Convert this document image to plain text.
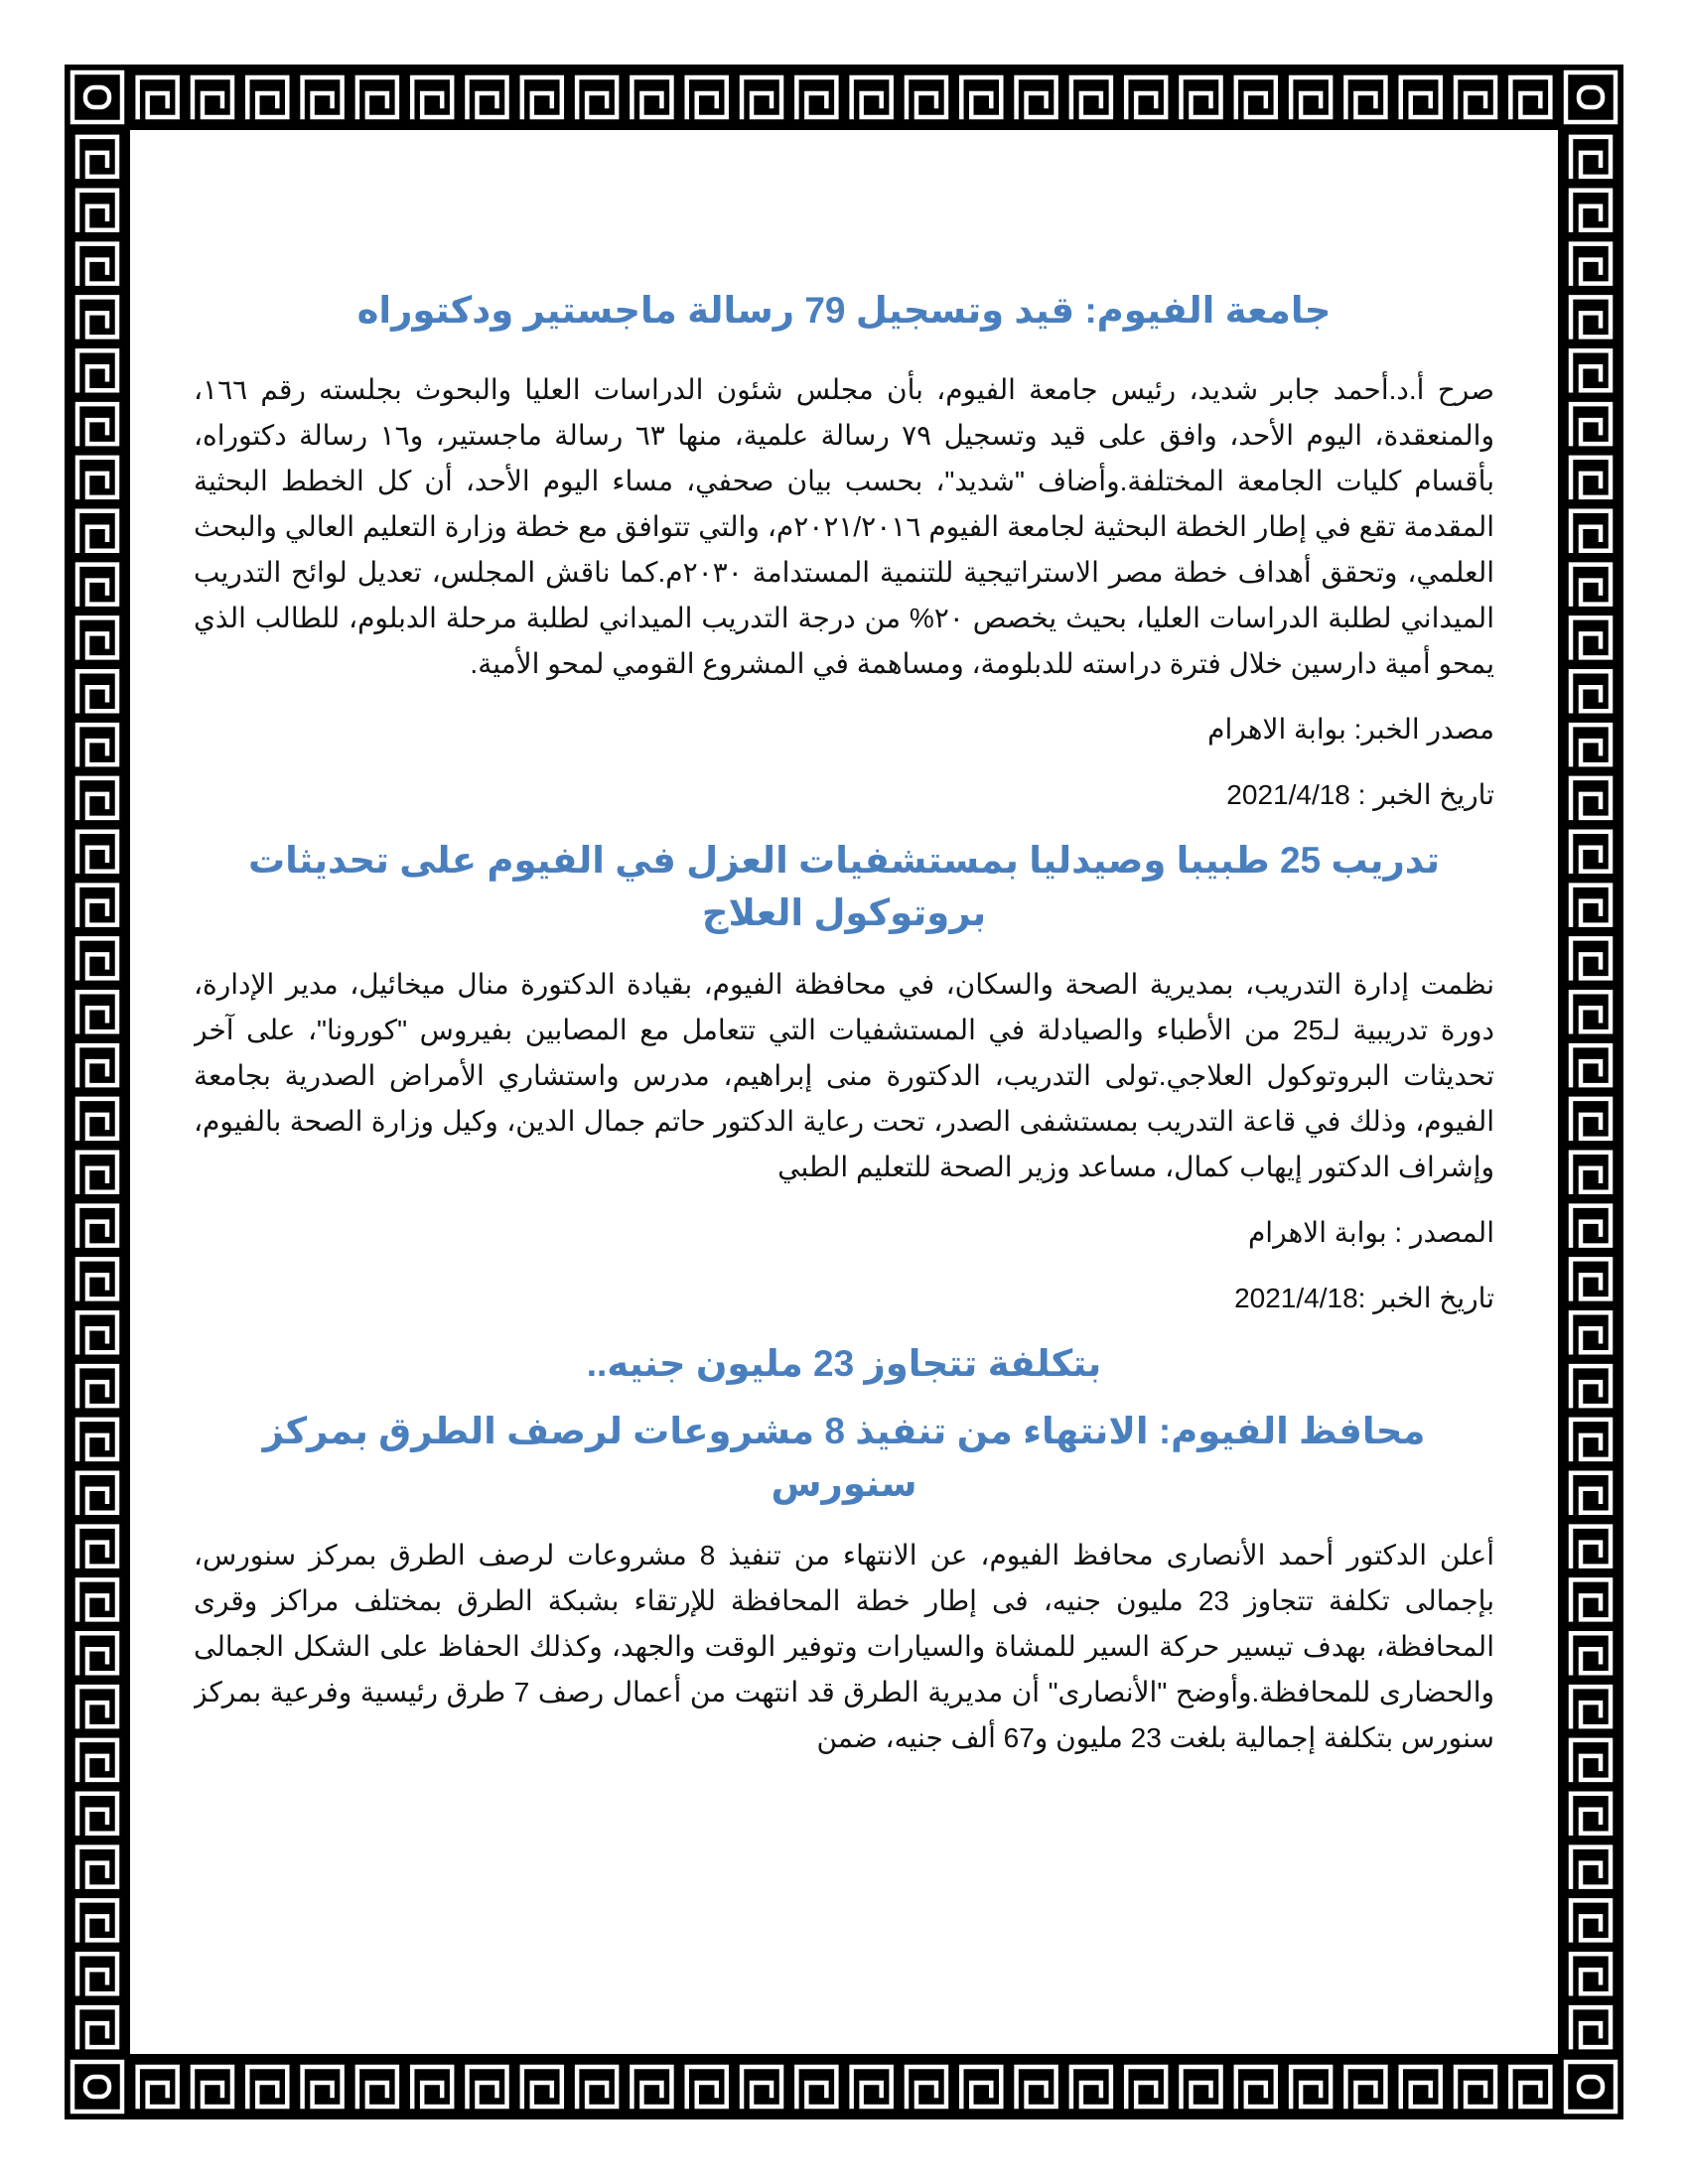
جامعة الفيوم: قيد وتسجيل 79 رسالة ماجستير ودكتوراه

صرح أ.د.أحمد جابر شديد، رئيس جامعة الفيوم، بأن مجلس شئون الدراسات العليا والبحوث بجلسته رقم ١٦٦، والمنعقدة، اليوم الأحد، وافق على قيد وتسجيل ٧٩ رسالة علمية، منها ٦٣ رسالة ماجستير، و١٦ رسالة دكتوراه، بأقسام كليات الجامعة المختلفة.وأضاف "شديد"، بحسب بيان صحفي، مساء اليوم الأحد، أن كل الخطط البحثية المقدمة تقع في إطار الخطة البحثية لجامعة الفيوم ٢٠٢١/٢٠١٦م، والتي تتوافق مع خطة وزارة التعليم العالي والبحث العلمي، وتحقق أهداف خطة مصر الاستراتيجية للتنمية المستدامة ٢٠٣٠م.كما ناقش المجلس، تعديل لوائح التدريب الميداني لطلبة الدراسات العليا، بحيث يخصص ٢٠% من درجة التدريب الميداني لطلبة مرحلة الدبلوم، للطالب الذي يمحو أمية دارسين خلال فترة دراسته للدبلومة، ومساهمة في المشروع القومي لمحو الأمية.

مصدر الخبر: بوابة الاهرام

تاريخ الخبر : 2021/4/18

تدريب 25 طبيبا وصيدليا بمستشفيات العزل في الفيوم على تحديثات بروتوكول العلاج

نظمت إدارة التدريب، بمديرية الصحة والسكان، في محافظة الفيوم، بقيادة الدكتورة منال ميخائيل، مدير الإدارة، دورة تدريبية لـ25 من الأطباء والصيادلة في المستشفيات التي تتعامل مع المصابين بفيروس "كورونا"، على آخر تحديثات البروتوكول العلاجي.تولى التدريب، الدكتورة منى إبراهيم، مدرس واستشاري الأمراض الصدرية بجامعة الفيوم، وذلك في قاعة التدريب بمستشفى الصدر، تحت رعاية الدكتور حاتم جمال الدين، وكيل وزارة الصحة بالفيوم، وإشراف الدكتور إيهاب كمال، مساعد وزير الصحة للتعليم الطبي

المصدر : بوابة الاهرام

تاريخ الخبر :2021/4/18

بتكلفة تتجاوز 23 مليون جنيه..
محافظ الفيوم: الانتهاء من تنفيذ 8 مشروعات لرصف الطرق بمركز سنورس

أعلن الدكتور أحمد الأنصارى محافظ الفيوم، عن الانتهاء من تنفيذ 8 مشروعات لرصف الطرق بمركز سنورس، بإجمالى تكلفة تتجاوز 23 مليون جنيه، فى إطار خطة المحافظة للإرتقاء بشبكة الطرق بمختلف مراكز وقرى المحافظة، بهدف تيسير حركة السير للمشاة والسيارات وتوفير الوقت والجهد، وكذلك الحفاظ على الشكل الجمالى والحضارى للمحافظة.وأوضح "الأنصارى" أن مديرية الطرق قد انتهت من أعمال رصف 7 طرق رئيسية وفرعية بمركز سنورس بتكلفة إجمالية بلغت 23 مليون و67 ألف جنيه، ضمن
